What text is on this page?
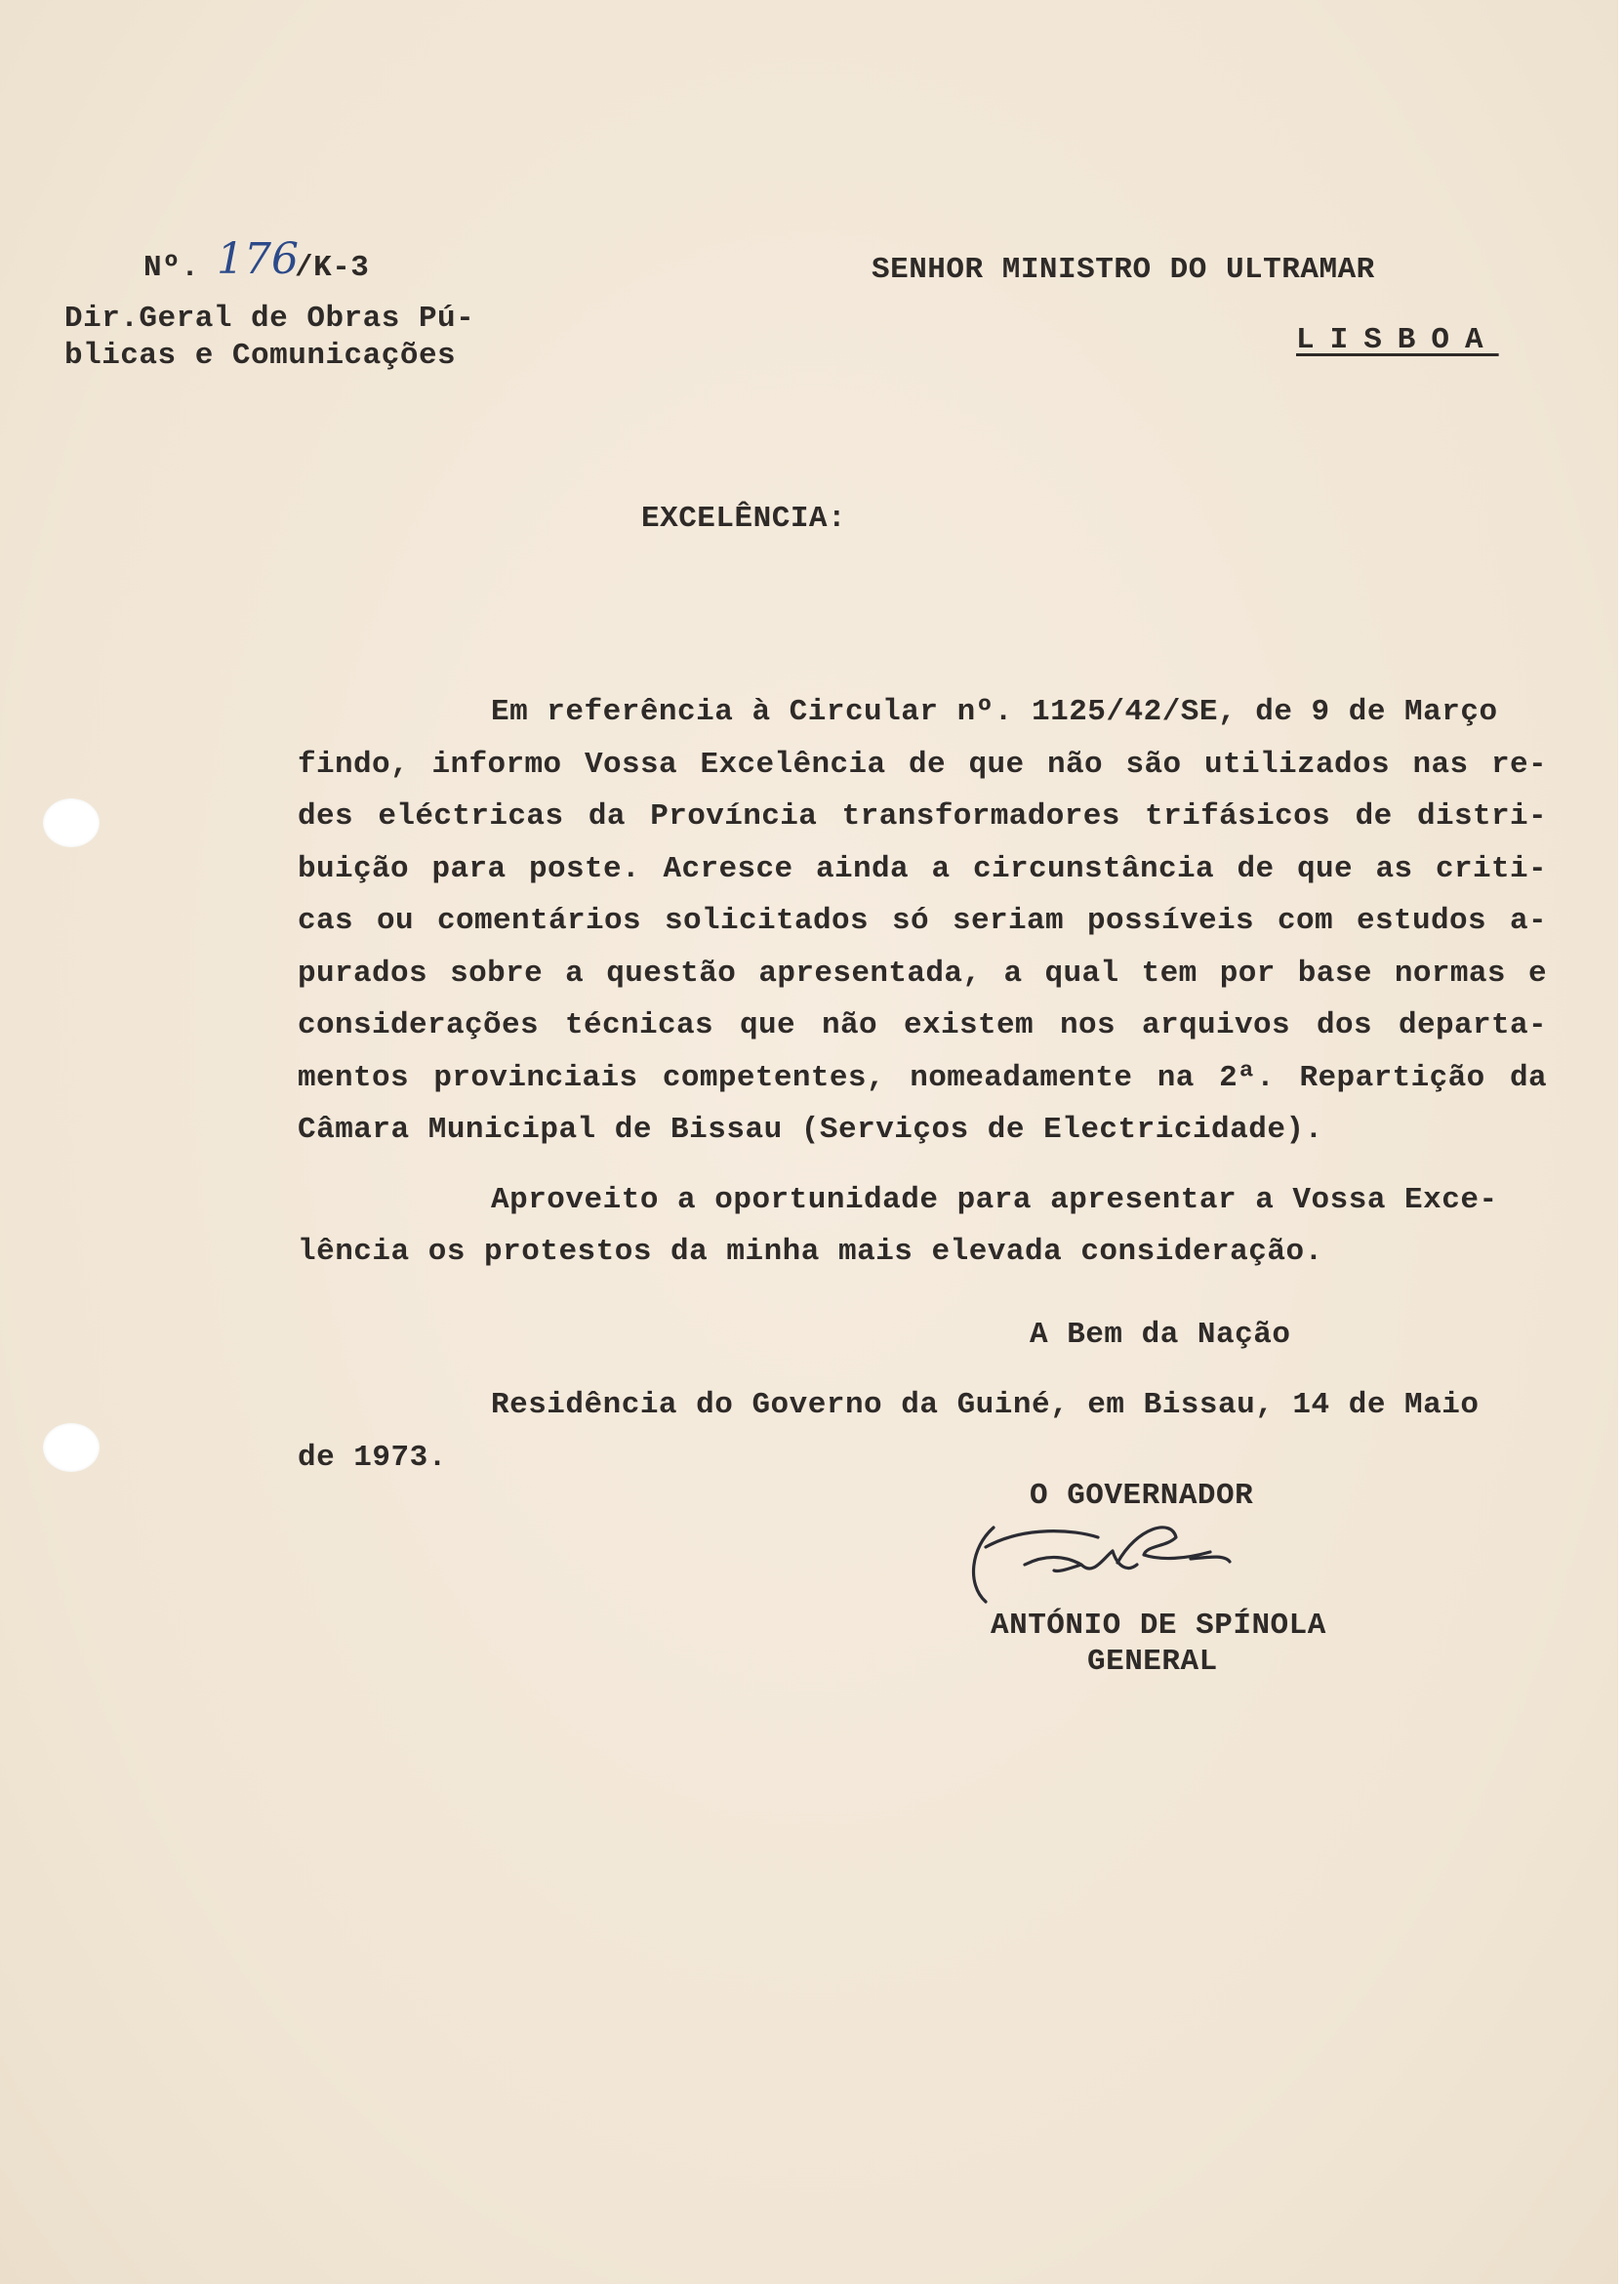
Nº. 176
/K-3
Dir.Geral de Obras Pú-
blicas e Comunicações
SENHOR MINISTRO DO ULTRAMAR
LISBOA
EXCELÊNCIA:
Em referência à Circular nº. 1125/42/SE, de 9 de Março
findo, informo Vossa Excelência de que não são utilizados nas re-
des eléctricas da Província transformadores trifásicos de distri-
buição para poste. Acresce ainda a circunstância de que as criti-
cas ou comentários solicitados só seriam possíveis com estudos a-
purados sobre a questão apresentada, a qual tem por base normas e
considerações técnicas que não existem nos arquivos dos departa-
mentos provinciais competentes, nomeadamente na 2ª. Repartição da
Câmara Municipal de Bissau (Serviços de Electricidade).
Aproveito a oportunidade para apresentar a Vossa Exce-
lência os protestos da minha mais elevada consideração.
A Bem da Nação
Residência do Governo da Guiné, em Bissau, 14 de Maio
de 1973.
O GOVERNADOR
ANTÓNIO DE SPÍNOLA
GENERAL
